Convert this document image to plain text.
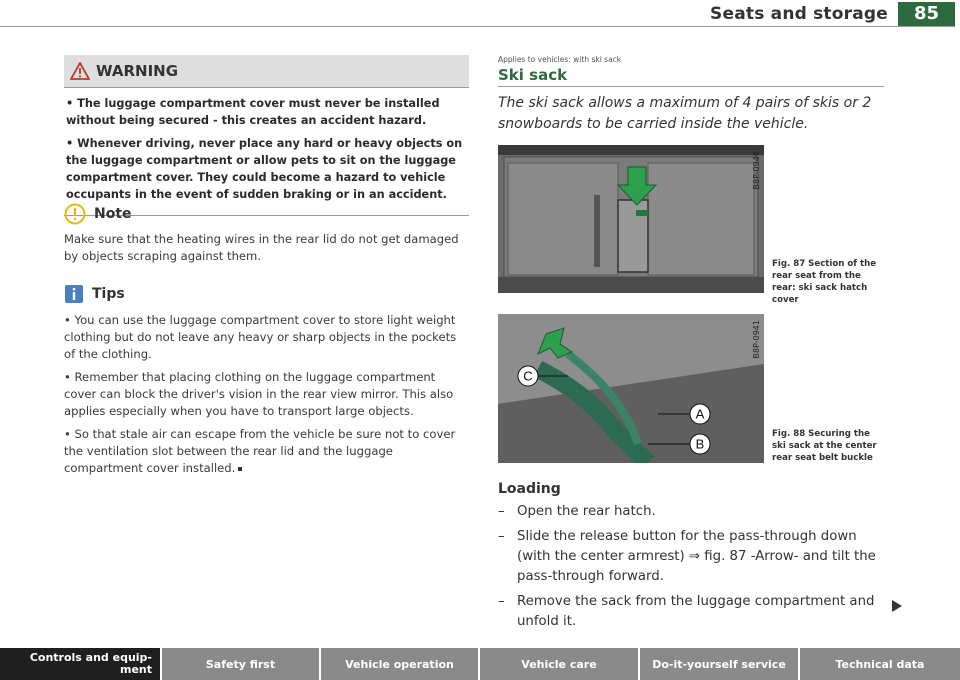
Seats and storage	85
WARNING

• The luggage compartment cover must never be installed without being secured - this creates an accident hazard.

• Whenever driving, never place any hard or heavy objects on the luggage compartment or allow pets to sit on the luggage compartment cover. They could become a hazard to vehicle occupants in the event of sudden braking or in an accident.

Note

Make sure that the heating wires in the rear lid do not get damaged by objects scraping against them.

Tips
• You can use the luggage compartment cover to store light weight clothing but do not leave any heavy or sharp objects in the pockets of the clothing.
• Remember that placing clothing on the luggage compartment cover can block the driver's vision in the rear view mirror. This also applies especially when you have to transport large objects.
• So that stale air can escape from the vehicle be sure not to cover the ventilation slot between the rear lid and the luggage compartment cover installed.
Applies to vehicles: with ski sack
Ski sack
The ski sack allows a maximum of 4 pairs of skis or 2 snowboards to be carried inside the vehicle.
B8P-0940
Fig. 87 Section of the rear seat from the rear: ski sack hatch cover
C
A
B
B8P-0941
Fig. 88 Securing the ski sack at the center rear seat belt buckle
Loading
– Open the rear hatch.
– Slide the release button for the pass-through down (with the center armrest) ⇒ fig. 87 -Arrow- and tilt the pass-through forward.
– Remove the sack from the luggage compartment and unfold it.
Controls and equip-
ment	Safety first	Vehicle operation	Vehicle care	Do-it-yourself service	Technical data
